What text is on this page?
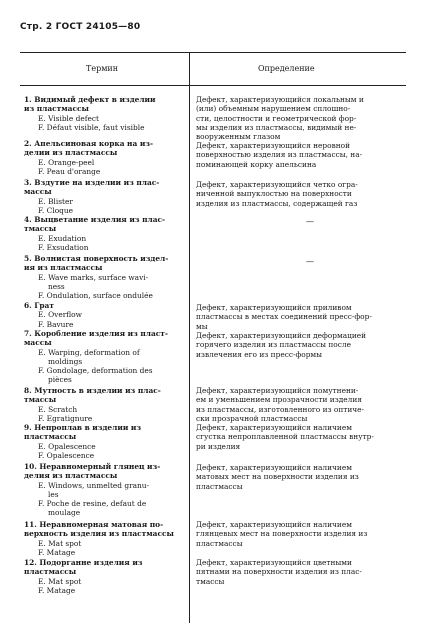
Стр. 2 ГОСТ 24105—80
Термин	Определение
1. Видимый дефект в изделии
из пластмассы
E. Visible defect
F. Défaut visible, faut visible
2. Апельсиновая корка на из-
делии из пластмассы
E. Orange-peel
F. Peau d'orange
3. Вздутие на изделии из плас-
массы
E. Blister
F. Cloque
4. Выцветание изделия из плас-
тмассы
E. Exudation
F. Exsudation
5. Волнистая поверхность издел-
ия из пластмассы
E. Wave marks, surface wavi-
ness
F. Ondulation, surface ondulée
6. Грат
E. Overflow
F. Bavure
7. Коробление изделия из пласт-
массы
E. Warping, deformation of
moldings
F. Gondolage, deformation des
pièces
8. Мутность в изделии из плас-
тмассы
E. Scratch
F. Egratignure
9. Непроплав в изделии из
пластмассы
E. Opalescence
F. Opalescence
10. Неравномерный глянец из-
делия из пластмассы
E. Windows, unmelted granu-
les
F. Poche de resine, defaut de
moulage
11. Неравномерная матовая по-
верхность изделия из пластмассы
E. Mat spot
F. Matage
12. Подорганне изделия из
пластмассы
E. Mat spot
F. Matage
Дефект, характеризующийся локальным и
(или) объемным нарушением сплошно-
сти, целостности и геометрической фор-
мы изделия из пластмассы, видимый не-
вооруженным глазом
Дефект, характеризующийся неровной
поверхностью изделия из пластмассы, на-
поминающей корку апельсина
Дефект, характеризующийся четко огра-
ниченной выпуклостью на поверхности
изделия из пластмассы, содержащей газ
—
—
Дефект, характеризующийся приливом
пластмассы в местах соединений пресс-фор-
мы
Дефект, характеризующийся деформацией
горячего изделия из пластмассы после
извлечения его из пресс-формы
Дефект, характеризующийся помутнени-
ем и уменьшением прозрачности изделия
из пластмассы, изготовленного из оптиче-
ски прозрачной пластмассы
Дефект, характеризующийся наличием
сгустка непроплавленной пластмассы внутр-
ри изделия
Дефект, характеризующийся наличием
матовых мест на поверхности изделия из
пластмассы
Дефект, характеризующийся наличием
глянцевых мест на поверхности изделия из
пластмассы
Дефект, характеризующийся цветными
пятнами на поверхности изделия из плас-
тмассы
